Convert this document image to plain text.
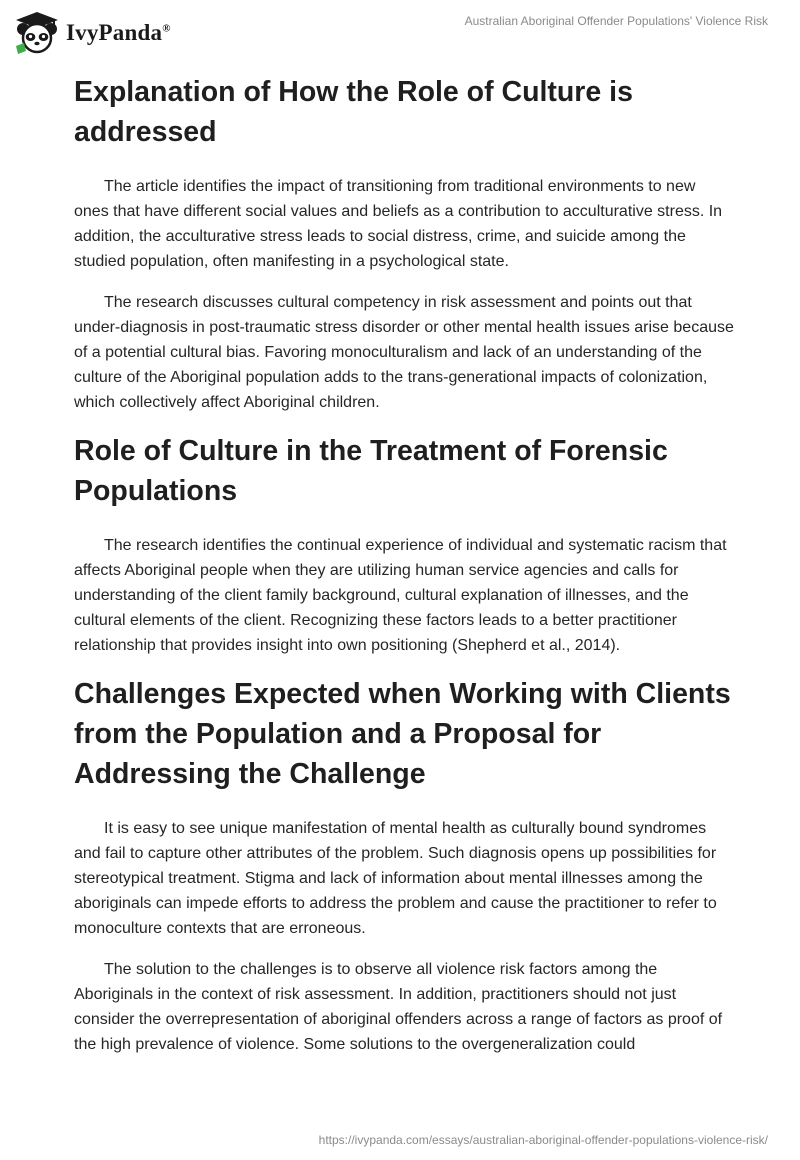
IvyPanda®
Australian Aboriginal Offender Populations' Violence Risk
Explanation of How the Role of Culture is addressed

The article identifies the impact of transitioning from traditional environments to new ones that have different social values and beliefs as a contribution to acculturative stress. In addition, the acculturative stress leads to social distress, crime, and suicide among the studied population, often manifesting in a psychological state.

The research discusses cultural competency in risk assessment and points out that under-diagnosis in post-traumatic stress disorder or other mental health issues arise because of a potential cultural bias. Favoring monoculturalism and lack of an understanding of the culture of the Aboriginal population adds to the trans-generational impacts of colonization, which collectively affect Aboriginal children.

Role of Culture in the Treatment of Forensic Populations

The research identifies the continual experience of individual and systematic racism that affects Aboriginal people when they are utilizing human service agencies and calls for understanding of the client family background, cultural explanation of illnesses, and the cultural elements of the client. Recognizing these factors leads to a better practitioner relationship that provides insight into own positioning (Shepherd et al., 2014).

Challenges Expected when Working with Clients from the Population and a Proposal for Addressing the Challenge

It is easy to see unique manifestation of mental health as culturally bound syndromes and fail to capture other attributes of the problem. Such diagnosis opens up possibilities for stereotypical treatment. Stigma and lack of information about mental illnesses among the aboriginals can impede efforts to address the problem and cause the practitioner to refer to monoculture contexts that are erroneous.

The solution to the challenges is to observe all violence risk factors among the Aboriginals in the context of risk assessment. In addition, practitioners should not just consider the overrepresentation of aboriginal offenders across a range of factors as proof of the high prevalence of violence. Some solutions to the overgeneralization could

https://ivypanda.com/essays/australian-aboriginal-offender-populations-violence-risk/
